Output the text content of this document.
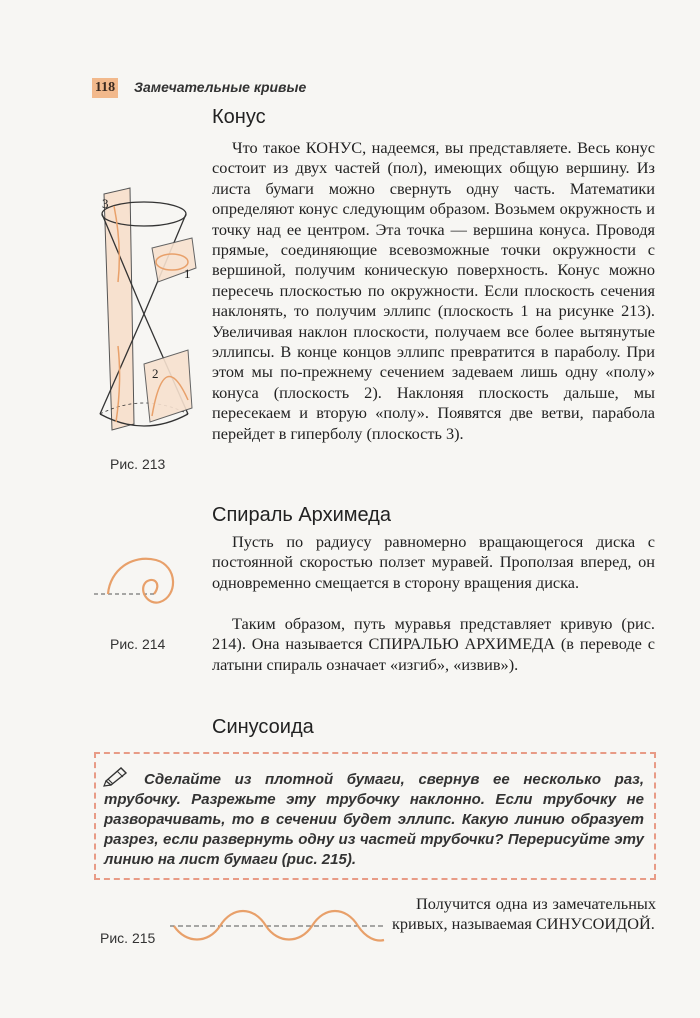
118 Замечательные кривые
Конус

Что такое КОНУС, надеемся, вы представляете. Весь конус состоит из двух частей (пол), имеющих общую вершину. Из листа бумаги можно свернуть одну часть. Математики определяют конус следующим образом. Возьмем окружность и точку над ее центром. Эта точка — вершина конуса. Проводя прямые, соединяющие всевозможные точки окружности с вершиной, получим коническую поверхность. Конус можно пересечь плоскостью по окружности. Если плоскость сечения наклонять, то получим эллипс (плоскость 1 на рисунке 213). Увеличивая наклон плоскости, получаем все более вытянутые эллипсы. В конце концов эллипс превратится в параболу. При этом мы по-прежнему сечением задеваем лишь одну «полу» конуса (плоскость 2). Наклоняя плоскость дальше, мы пересекаем и вторую «полу». Появятся две ветви, парабола перейдет в гиперболу (плоскость 3).

3
1
2
Рис. 213
Спираль Архимеда

Пусть по радиусу равномерно вращающегося диска с постоянной скоростью ползет муравей. Проползая вперед, он одновременно смещается в сторону вращения диска.

Таким образом, путь муравья представляет кривую (рис. 214). Она называется СПИРАЛЬЮ АРХИМЕДА (в переводе с латыни спираль означает «изгиб», «извив»).

Рис. 214
Синусоида

Сделайте из плотной бумаги, свернув ее несколько раз, трубочку. Разрежьте эту трубочку наклонно. Если трубочку не разворачивать, то в сечении будет эллипс. Какую линию образует разрез, если развернуть одну из частей трубочки? Перерисуйте эту линию на лист бумаги (рис. 215).

Рис. 215

Получится одна из замечательных кривых, называемая СИНУСОИДОЙ.
